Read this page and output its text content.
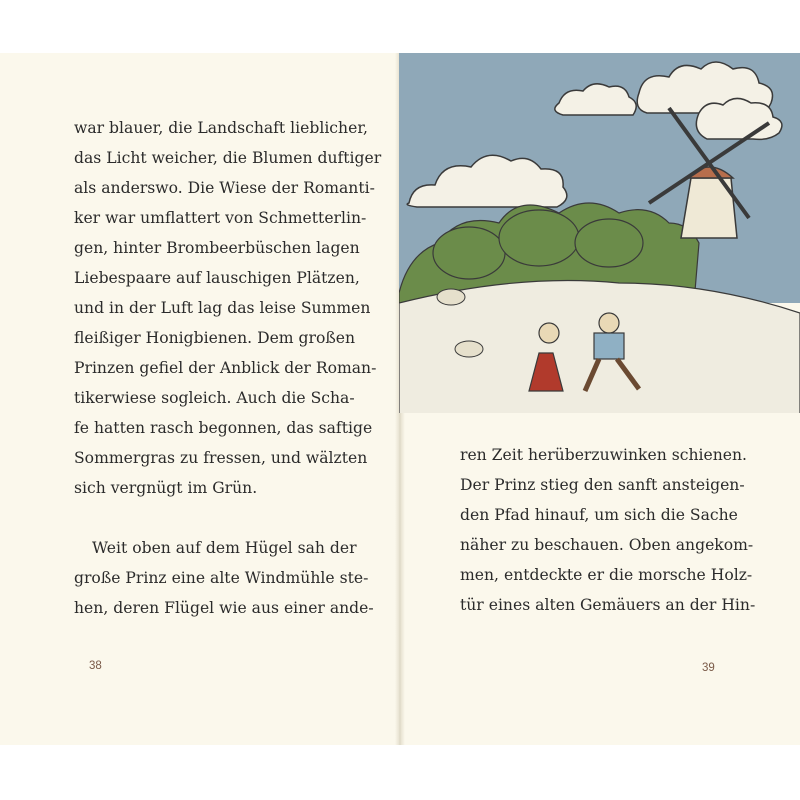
war blauer, die Landschaft lieblicher,
das Licht weicher, die Blumen duftiger
als anderswo. Die Wiese der Romanti-
ker war umflattert von Schmetterlin-
gen, hinter Brombeerbüschen lagen
Liebespaare auf lauschigen Plätzen,
und in der Luft lag das leise Summen
fleißiger Honigbienen. Dem großen
Prinzen gefiel der Anblick der Roman-
tikerwiese sogleich. Auch die Scha-
fe hatten rasch begonnen, das saftige
Sommergras zu fressen, und wälzten
sich vergnügt im Grün.
Weit oben auf dem Hügel sah der
große Prinz eine alte Windmühle ste-
hen, deren Flügel wie aus einer ande-
38
ren Zeit herüberzuwinken schienen.
Der Prinz stieg den sanft ansteigen-
den Pfad hinauf, um sich die Sache
näher zu beschauen. Oben angekom-
men, entdeckte er die morsche Holz-
tür eines alten Gemäuers an der Hin-
39
